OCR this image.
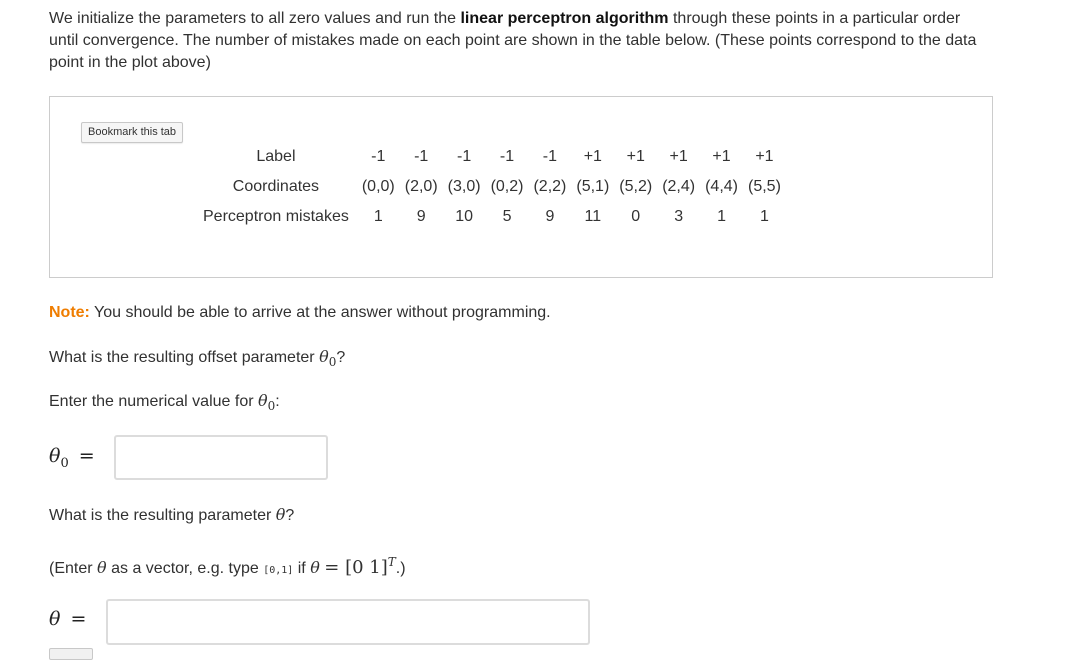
We initialize the parameters to all zero values and run the linear perceptron algorithm through these points in a particular order until convergence. The number of mistakes made on each point are shown in the table below. (These points correspond to the data point in the plot above)

Bookmark this tab
Label	-1	-1	-1	-1	-1	+1	+1	+1	+1	+1
Coordinates	(0,0)	(2,0)	(3,0)	(0,2)	(2,2)	(5,1)	(5,2)	(2,4)	(4,4)	(5,5)
Perceptron mistakes	1	9	10	5	9	11	0	3	1	1
Note: You should be able to arrive at the answer without programming.
What is the resulting offset parameter $\theta_0$?
Enter the numerical value for $\theta_0$:
$\theta_0$ =
What is the resulting parameter θ?
(Enter θ as a vector, e.g. type [0,1] if θ = [0 1]$^T$.)
θ =
